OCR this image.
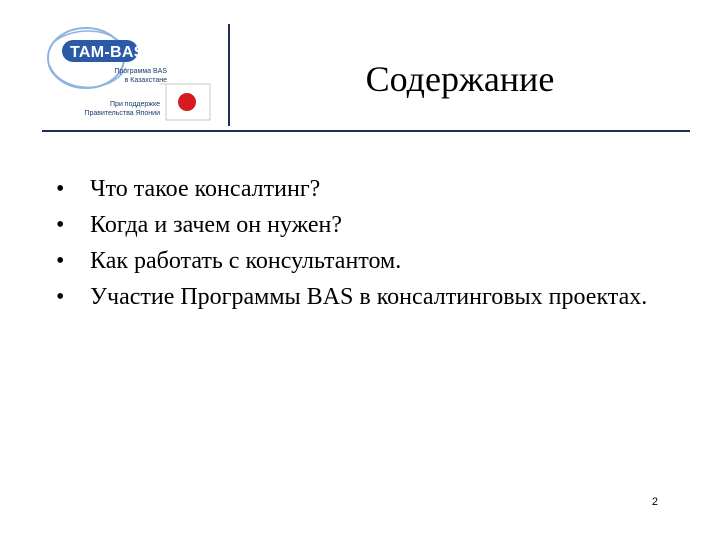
TAM-BAS
Программа BAS
в Казахстане
При поддержке
Правительства Японии
Содержание
• Что такое консалтинг?
• Когда и зачем он нужен?
• Как работать с консультантом.
• Участие Программы BAS в консалтинговых проектах.
2
